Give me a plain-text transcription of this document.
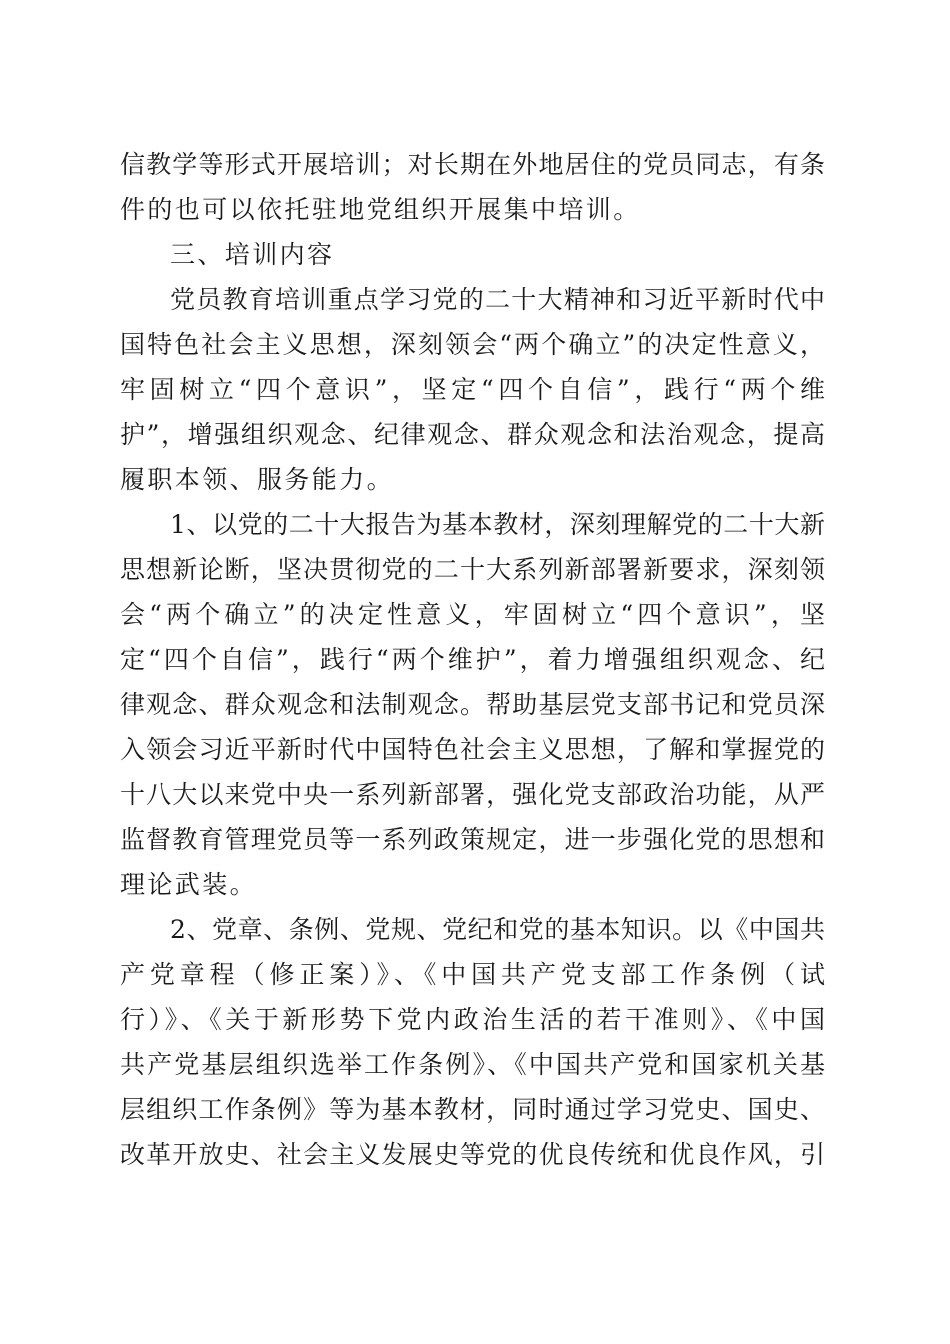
信教学等形式开展培训；对长期在外地居住的党员同志，有条
件的也可以依托驻地党组织开展集中培训。
三、培训内容
党员教育培训重点学习党的二十大精神和习近平新时代中
国特色社会主义思想，深刻领会“两个确立”的决定性意义，
牢固树立“四个意识”，坚定“四个自信”，践行“两个维
护”，增强组织观念、纪律观念、群众观念和法治观念，提高
履职本领、服务能力。
1、以党的二十大报告为基本教材，深刻理解党的二十大新
思想新论断，坚决贯彻党的二十大系列新部署新要求，深刻领
会“两个确立”的决定性意义，牢固树立“四个意识”，坚
定“四个自信”，践行“两个维护”，着力增强组织观念、纪
律观念、群众观念和法制观念。帮助基层党支部书记和党员深
入领会习近平新时代中国特色社会主义思想，了解和掌握党的
十八大以来党中央一系列新部署，强化党支部政治功能，从严
监督教育管理党员等一系列政策规定，进一步强化党的思想和
理论武装。
2、党章、条例、党规、党纪和党的基本知识。以《中国共
产党章程（修正案）》、《中国共产党支部工作条例（试
行）》、《关于新形势下党内政治生活的若干准则》、《中国
共产党基层组织选举工作条例》、《中国共产党和国家机关基
层组织工作条例》等为基本教材，同时通过学习党史、国史、
改革开放史、社会主义发展史等党的优良传统和优良作风，引
